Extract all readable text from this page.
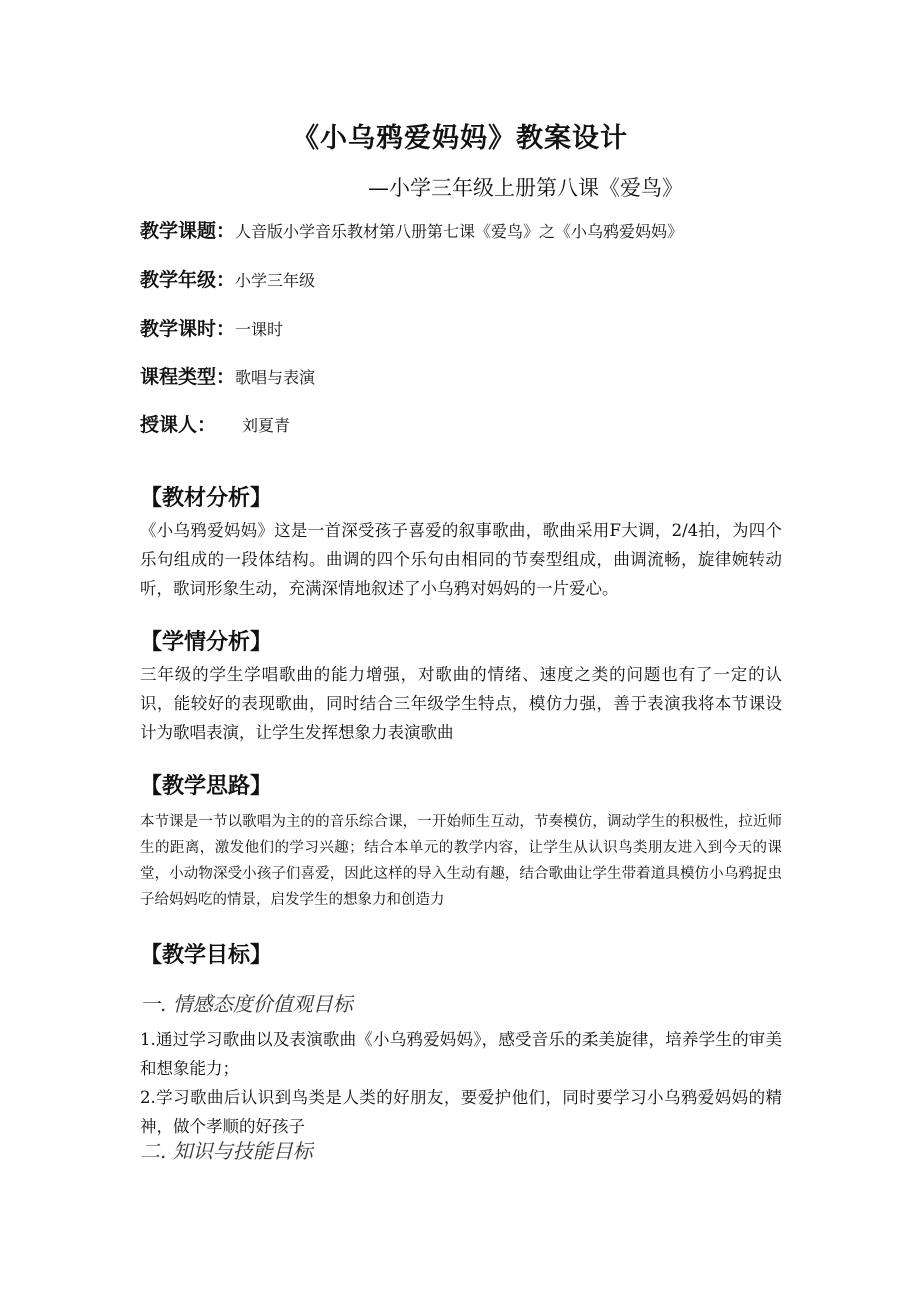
《小乌鸦爱妈妈》教案设计
—小学三年级上册第八课《爱鸟》
教学课题：人音版小学音乐教材第八册第七课《爱鸟》之《小乌鸦爱妈妈》
教学年级：小学三年级
教学课时：一课时
课程类型：歌唱与表演
授课人： 刘夏青
【教材分析】
《小乌鸦爱妈妈》这是一首深受孩子喜爱的叙事歌曲，歌曲采用F大调，2/4拍，为四个乐句组成的一段体结构。曲调的四个乐句由相同的节奏型组成，曲调流畅，旋律婉转动听，歌词形象生动，充满深情地叙述了小乌鸦对妈妈的一片爱心。
【学情分析】
三年级的学生学唱歌曲的能力增强，对歌曲的情绪、速度之类的问题也有了一定的认识，能较好的表现歌曲，同时结合三年级学生特点，模仿力强，善于表演我将本节课设计为歌唱表演，让学生发挥想象力表演歌曲
【教学思路】
本节课是一节以歌唱为主的的音乐综合课，一开始师生互动，节奏模仿，调动学生的积极性，拉近师生的距离，激发他们的学习兴趣；结合本单元的教学内容，让学生从认识鸟类朋友进入到今天的课堂，小动物深受小孩子们喜爱，因此这样的导入生动有趣，结合歌曲让学生带着道具模仿小乌鸦捉虫子给妈妈吃的情景，启发学生的想象力和创造力
【教学目标】
一. 情感态度价值观目标
1.通过学习歌曲以及表演歌曲《小乌鸦爱妈妈》，感受音乐的柔美旋律，培养学生的审美和想象能力；
2.学习歌曲后认识到鸟类是人类的好朋友，要爱护他们，同时要学习小乌鸦爱妈妈的精神，做个孝顺的好孩子
二. 知识与技能目标
